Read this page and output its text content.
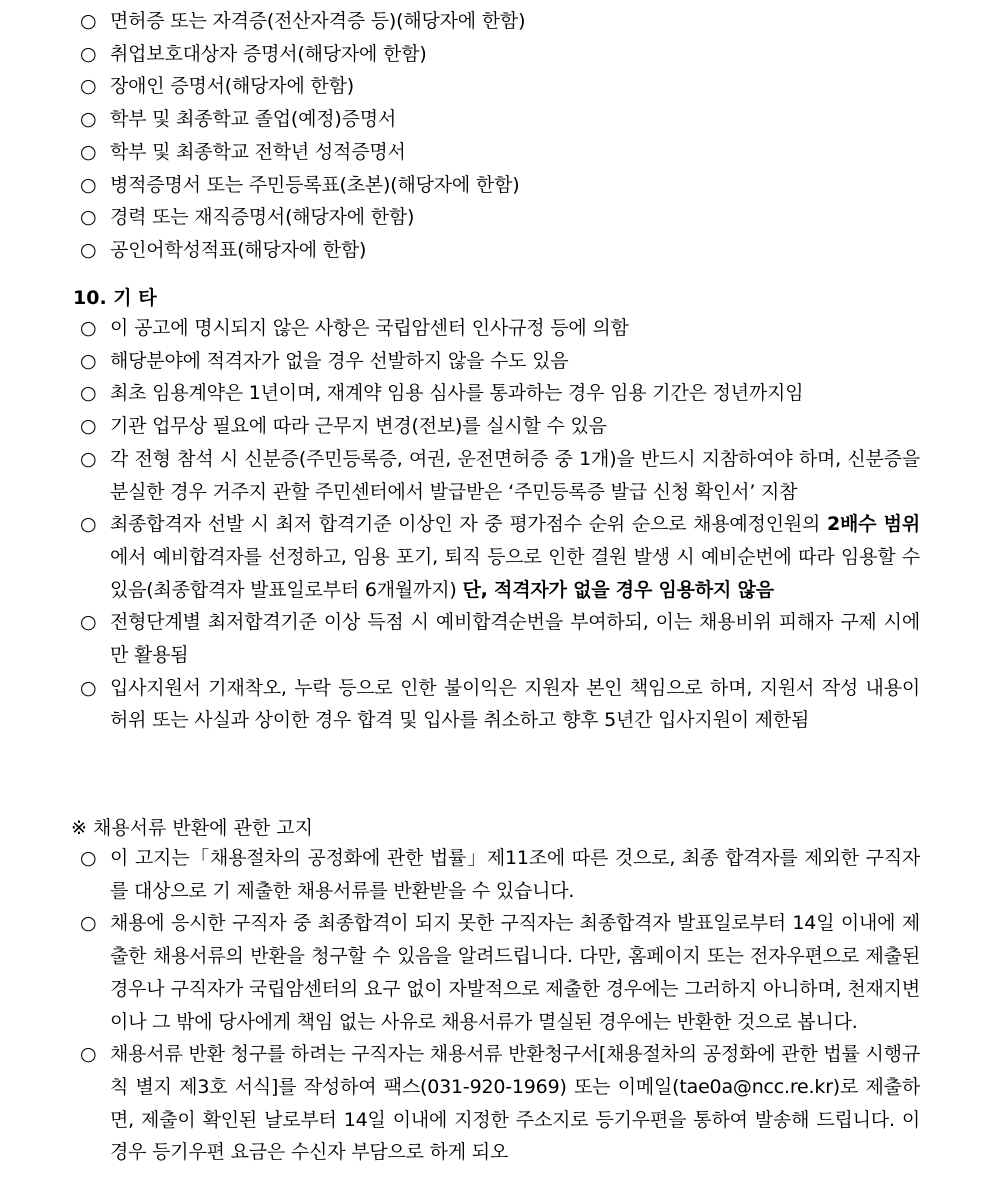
○ 면허증 또는 자격증(전산자격증 등)(해당자에 한함)
○ 취업보호대상자 증명서(해당자에 한함)
○ 장애인 증명서(해당자에 한함)
○ 학부 및 최종학교 졸업(예정)증명서
○ 학부 및 최종학교 전학년 성적증명서
○ 병적증명서 또는 주민등록표(초본)(해당자에 한함)
○ 경력 또는 재직증명서(해당자에 한함)
○ 공인어학성적표(해당자에 한함)
10. 기 타
○ 이 공고에 명시되지 않은 사항은 국립암센터 인사규정 등에 의함
○ 해당분야에 적격자가 없을 경우 선발하지 않을 수도 있음
○ 최초 임용계약은 1년이며, 재계약 임용 심사를 통과하는 경우 임용 기간은 정년까지임
○ 기관 업무상 필요에 따라 근무지 변경(전보)를 실시할 수 있음
○ 각 전형 참석 시 신분증(주민등록증, 여권, 운전면허증 중 1개)을 반드시 지참하여야 하며, 신분증을 분실한 경우 거주지 관할 주민센터에서 발급받은 ‘주민등록증 발급 신청 확인서’ 지참
○ 최종합격자 선발 시 최저 합격기준 이상인 자 중 평가점수 순위 순으로 채용예정인원의 2배수 범위에서 예비합격자를 선정하고, 임용 포기, 퇴직 등으로 인한 결원 발생 시 예비순번에 따라 임용할 수 있음(최종합격자 발표일로부터 6개월까지) 단, 적격자가 없을 경우 임용하지 않음
○ 전형단계별 최저합격기준 이상 득점 시 예비합격순번을 부여하되, 이는 채용비위 피해자 구제 시에만 활용됨
○ 입사지원서 기재착오, 누락 등으로 인한 불이익은 지원자 본인 책임으로 하며, 지원서 작성 내용이 허위 또는 사실과 상이한 경우 합격 및 입사를 취소하고 향후 5년간 입사지원이 제한됨
※ 채용서류 반환에 관한 고지
○ 이 고지는「채용절차의 공정화에 관한 법률」제11조에 따른 것으로, 최종 합격자를 제외한 구직자를 대상으로 기 제출한 채용서류를 반환받을 수 있습니다.
○ 채용에 응시한 구직자 중 최종합격이 되지 못한 구직자는 최종합격자 발표일로부터 14일 이내에 제출한 채용서류의 반환을 청구할 수 있음을 알려드립니다. 다만, 홈페이지 또는 전자우편으로 제출된 경우나 구직자가 국립암센터의 요구 없이 자발적으로 제출한 경우에는 그러하지 아니하며, 천재지변이나 그 밖에 당사에게 책임 없는 사유로 채용서류가 멸실된 경우에는 반환한 것으로 봅니다.
○ 채용서류 반환 청구를 하려는 구직자는 채용서류 반환청구서[채용절차의 공정화에 관한 법률 시행규칙 별지 제3호 서식]를 작성하여 팩스(031-920-1969) 또는 이메일(tae0a@ncc.re.kr)로 제출하면, 제출이 확인된 날로부터 14일 이내에 지정한 주소지로 등기우편을 통하여 발송해 드립니다. 이 경우 등기우편 요금은 수신자 부담으로 하게 되오
